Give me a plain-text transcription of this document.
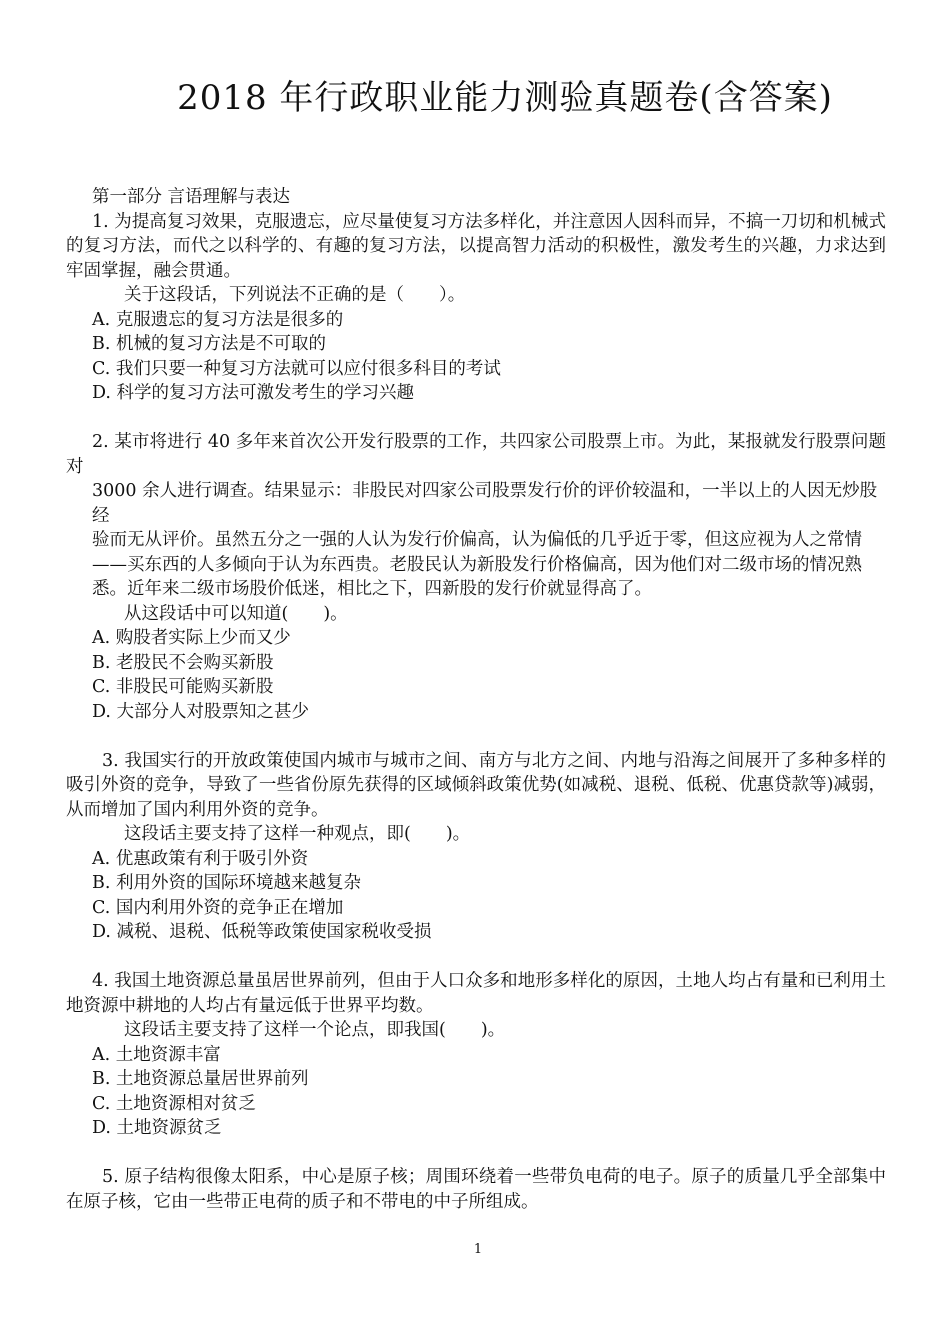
2018 年行政职业能力测验真题卷(含答案)
第一部分 言语理解与表达
1. 为提高复习效果，克服遗忘，应尽量使复习方法多样化，并注意因人因科而异，不搞一刀切和机械式的复习方法，而代之以科学的、有趣的复习方法，以提高智力活动的积极性，激发考生的兴趣，力求达到牢固掌握，融会贯通。
关于这段话，下列说法不正确的是（　　）。
A. 克服遗忘的复习方法是很多的
B. 机械的复习方法是不可取的
C. 我们只要一种复习方法就可以应付很多科目的考试
D. 科学的复习方法可激发考生的学习兴趣
2. 某市将进行 40 多年来首次公开发行股票的工作，共四家公司股票上市。为此，某报就发行股票问题对
3000 余人进行调查。结果显示：非股民对四家公司股票发行价的评价较温和，一半以上的人因无炒股经
验而无从评价。虽然五分之一强的人认为发行价偏高，认为偏低的几乎近于零，但这应视为人之常情——买东西的人多倾向于认为东西贵。老股民认为新股发行价格偏高，因为他们对二级市场的情况熟悉。近年来二级市场股价低迷，相比之下，四新股的发行价就显得高了。
从这段话中可以知道(　　)。
A. 购股者实际上少而又少
B. 老股民不会购买新股
C. 非股民可能购买新股
D. 大部分人对股票知之甚少
3. 我国实行的开放政策使国内城市与城市之间、南方与北方之间、内地与沿海之间展开了多种多样的吸引外资的竞争，导致了一些省份原先获得的区域倾斜政策优势(如减税、退税、低税、优惠贷款等)减弱，从而增加了国内利用外资的竞争。
这段话主要支持了这样一种观点，即(　　)。
A. 优惠政策有利于吸引外资
B. 利用外资的国际环境越来越复杂
C. 国内利用外资的竞争正在增加
D. 减税、退税、低税等政策使国家税收受损
4. 我国土地资源总量虽居世界前列，但由于人口众多和地形多样化的原因，土地人均占有量和已利用土地资源中耕地的人均占有量远低于世界平均数。
这段话主要支持了这样一个论点，即我国(　　)。
A. 土地资源丰富
B. 土地资源总量居世界前列
C. 土地资源相对贫乏
D. 土地资源贫乏
5. 原子结构很像太阳系，中心是原子核；周围环绕着一些带负电荷的电子。原子的质量几乎全部集中在原子核，它由一些带正电荷的质子和不带电的中子所组成。
1
